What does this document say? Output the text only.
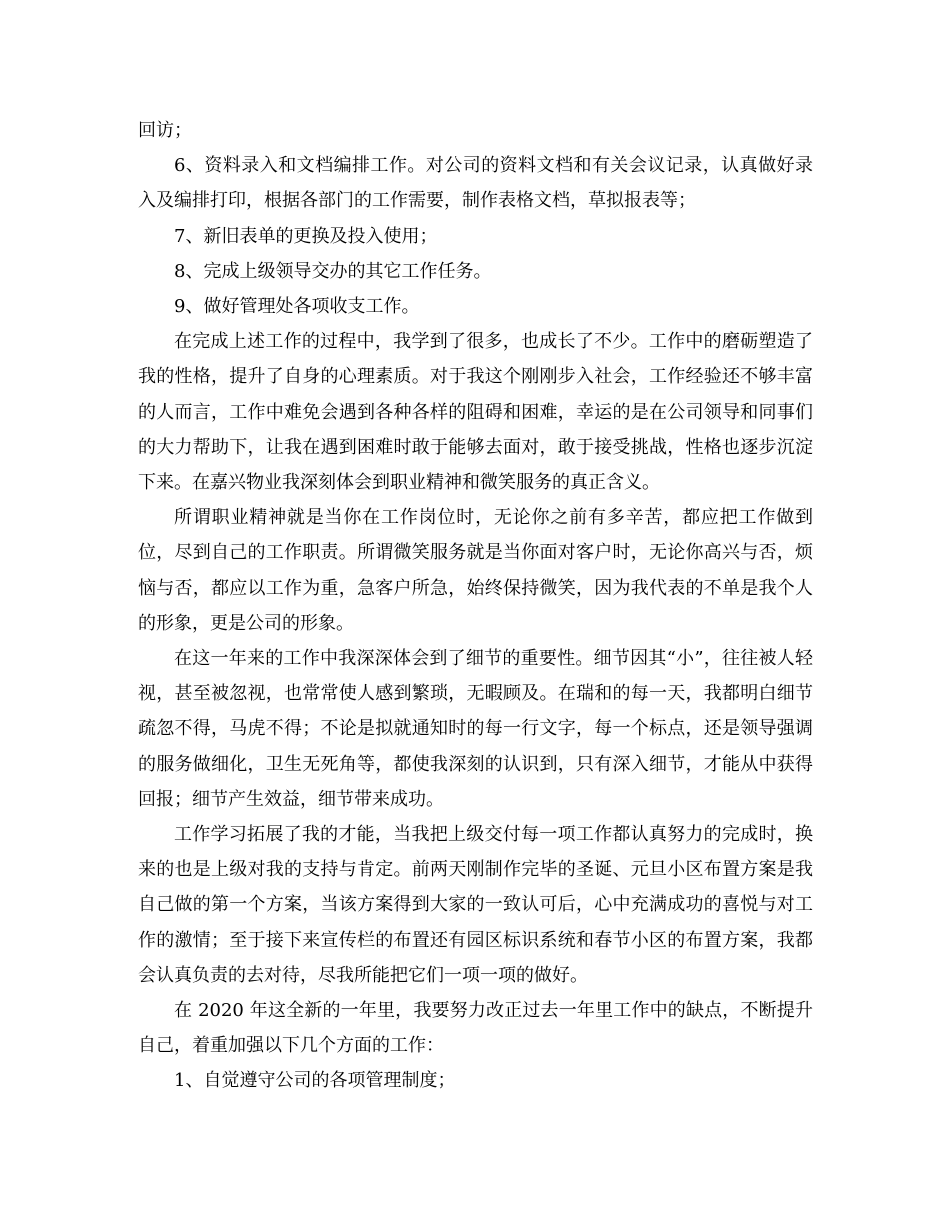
回访；

6、资料录入和文档编排工作。对公司的资料文档和有关会议记录，认真做好录入及编排打印，根据各部门的工作需要，制作表格文档，草拟报表等；

7、新旧表单的更换及投入使用；

8、完成上级领导交办的其它工作任务。

9、做好管理处各项收支工作。

在完成上述工作的过程中，我学到了很多，也成长了不少。工作中的磨砺塑造了我的性格，提升了自身的心理素质。对于我这个刚刚步入社会，工作经验还不够丰富的人而言，工作中难免会遇到各种各样的阻碍和困难，幸运的是在公司领导和同事们的大力帮助下，让我在遇到困难时敢于能够去面对，敢于接受挑战，性格也逐步沉淀下来。在嘉兴物业我深刻体会到职业精神和微笑服务的真正含义。

所谓职业精神就是当你在工作岗位时，无论你之前有多辛苦，都应把工作做到位，尽到自己的工作职责。所谓微笑服务就是当你面对客户时，无论你高兴与否，烦恼与否，都应以工作为重，急客户所急，始终保持微笑，因为我代表的不单是我个人的形象，更是公司的形象。

在这一年来的工作中我深深体会到了细节的重要性。细节因其“小”，往往被人轻视，甚至被忽视，也常常使人感到繁琐，无暇顾及。在瑞和的每一天，我都明白细节疏忽不得，马虎不得；不论是拟就通知时的每一行文字，每一个标点，还是领导强调的服务做细化，卫生无死角等，都使我深刻的认识到，只有深入细节，才能从中获得回报；细节产生效益，细节带来成功。

工作学习拓展了我的才能，当我把上级交付每一项工作都认真努力的完成时，换来的也是上级对我的支持与肯定。前两天刚制作完毕的圣诞、元旦小区布置方案是我自己做的第一个方案，当该方案得到大家的一致认可后，心中充满成功的喜悦与对工作的激情；至于接下来宣传栏的布置还有园区标识系统和春节小区的布置方案，我都会认真负责的去对待，尽我所能把它们一项一项的做好。

在 2020 年这全新的一年里，我要努力改正过去一年里工作中的缺点，不断提升自己，着重加强以下几个方面的工作：

1、自觉遵守公司的各项管理制度；
